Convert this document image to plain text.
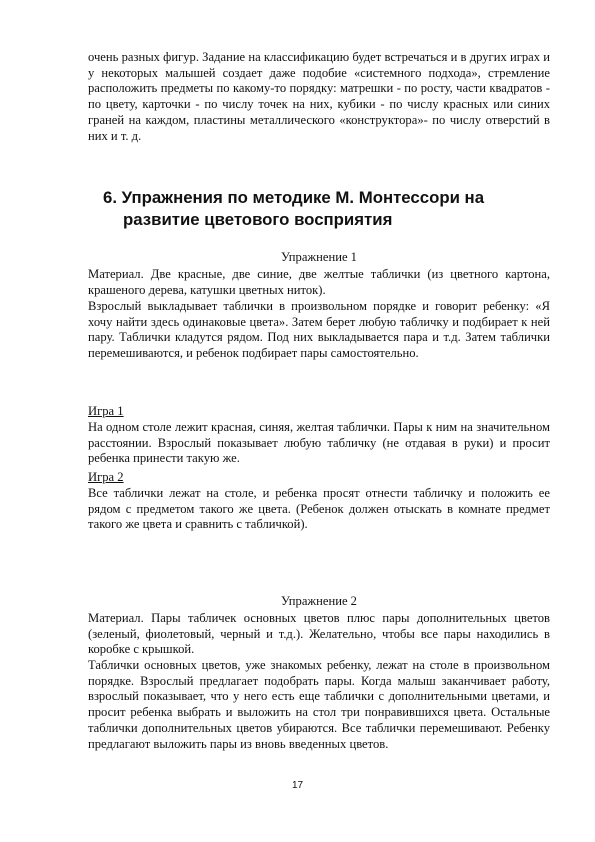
очень разных фигур. Задание на классификацию будет встречаться и в других играх и у некоторых малышей создает даже подобие «системного подхода», стремление расположить предметы по какому-то порядку: матрешки - по росту, части квадратов - по цвету, карточки - по числу точек на них, кубики - по числу красных или синих граней на каждом, пластины металлического «конструктора»- по числу отверстий в них и т. д.
6. Упражнения по методике М. Монтессори на
развитие цветового восприятия
Упражнение 1
Материал. Две красные, две синие, две желтые таблички (из цветного картона, крашеного дерева, катушки цветных ниток).
Взрослый выкладывает таблички в произвольном порядке и говорит ребенку: «Я хочу найти здесь одинаковые цвета». Затем берет любую табличку и подбирает к ней пару. Таблички кладутся рядом. Под них выкладывается пара и т.д. Затем таблички перемешиваются, и ребенок подбирает пары самостоятельно.
Игра 1
На одном столе лежит красная, синяя, желтая таблички. Пары к ним на значительном расстоянии. Взрослый показывает любую табличку (не отдавая в руки) и просит ребенка принести такую же.
Игра 2
Все таблички лежат на столе, и ребенка просят отнести табличку и положить ее рядом с предметом такого же цвета. (Ребенок должен отыскать в комнате предмет такого же цвета и сравнить с табличкой).
Упражнение 2
Материал. Пары табличек основных цветов плюс пары дополнительных цветов (зеленый, фиолетовый, черный и т.д.). Желательно, чтобы все пары находились в коробке с крышкой.
Таблички основных цветов, уже знакомых ребенку, лежат на столе в произвольном порядке. Взрослый предлагает подобрать пары. Когда малыш заканчивает работу, взрослый показывает, что у него есть еще таблички с дополнительными цветами, и просит ребенка выбрать и выложить на стол три понравившихся цвета. Остальные таблички дополнительных цветов убираются. Все таблички перемешивают. Ребенку предлагают выложить пары из вновь введенных цветов.
17
